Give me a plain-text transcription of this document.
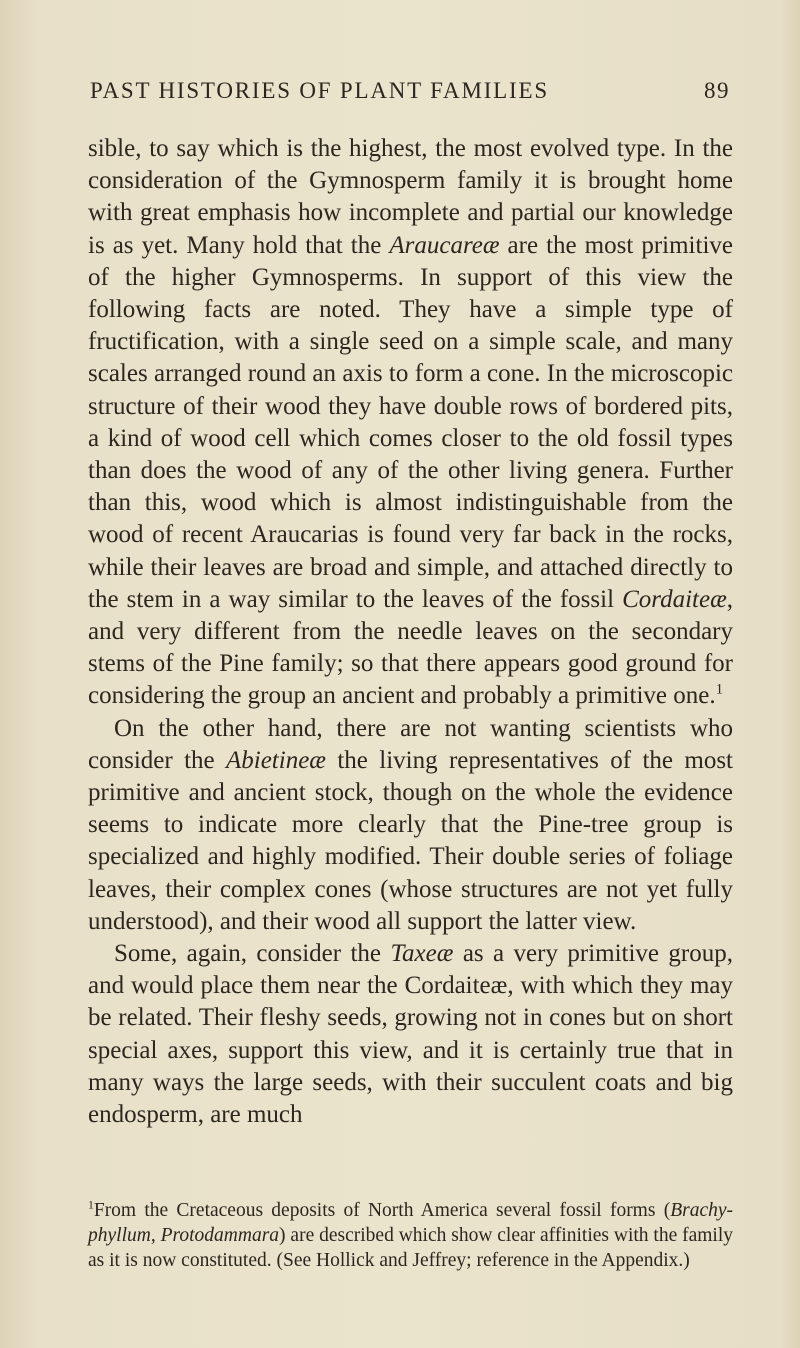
PAST HISTORIES OF PLANT FAMILIES	89

sible, to say which is the highest, the most evolved type. In the consideration of the Gymnosperm family it is brought home with great emphasis how incomplete and partial our knowledge is as yet. Many hold that the Araucareæ are the most primitive of the higher Gymnosperms. In support of this view the following facts are noted. They have a simple type of fructification, with a single seed on a simple scale, and many scales arranged round an axis to form a cone. In the microscopic structure of their wood they have double rows of bordered pits, a kind of wood cell which comes closer to the old fossil types than does the wood of any of the other living genera. Further than this, wood which is almost indistinguishable from the wood of recent Araucarias is found very far back in the rocks, while their leaves are broad and simple, and attached directly to the stem in a way similar to the leaves of the fossil Cordaiteæ, and very different from the needle leaves on the secondary stems of the Pine family; so that there appears good ground for considering the group an ancient and probably a primitive one.$^1$

On the other hand, there are not wanting scientists who consider the Abietineæ the living representatives of the most primitive and ancient stock, though on the whole the evidence seems to indicate more clearly that the Pine-tree group is specialized and highly modified. Their double series of foliage leaves, their complex cones (whose structures are not yet fully understood), and their wood all support the latter view.

Some, again, consider the Taxeæ as a very primitive group, and would place them near the Cordaiteæ, with which they may be related. Their fleshy seeds, growing not in cones but on short special axes, support this view, and it is certainly true that in many ways the large seeds, with their succulent coats and big endosperm, are much

$^1$From the Cretaceous deposits of North America several fossil forms (Brachyphyllum, Protodammara) are described which show clear affinities with the family as it is now constituted. (See Hollick and Jeffrey; reference in the Appendix.)
